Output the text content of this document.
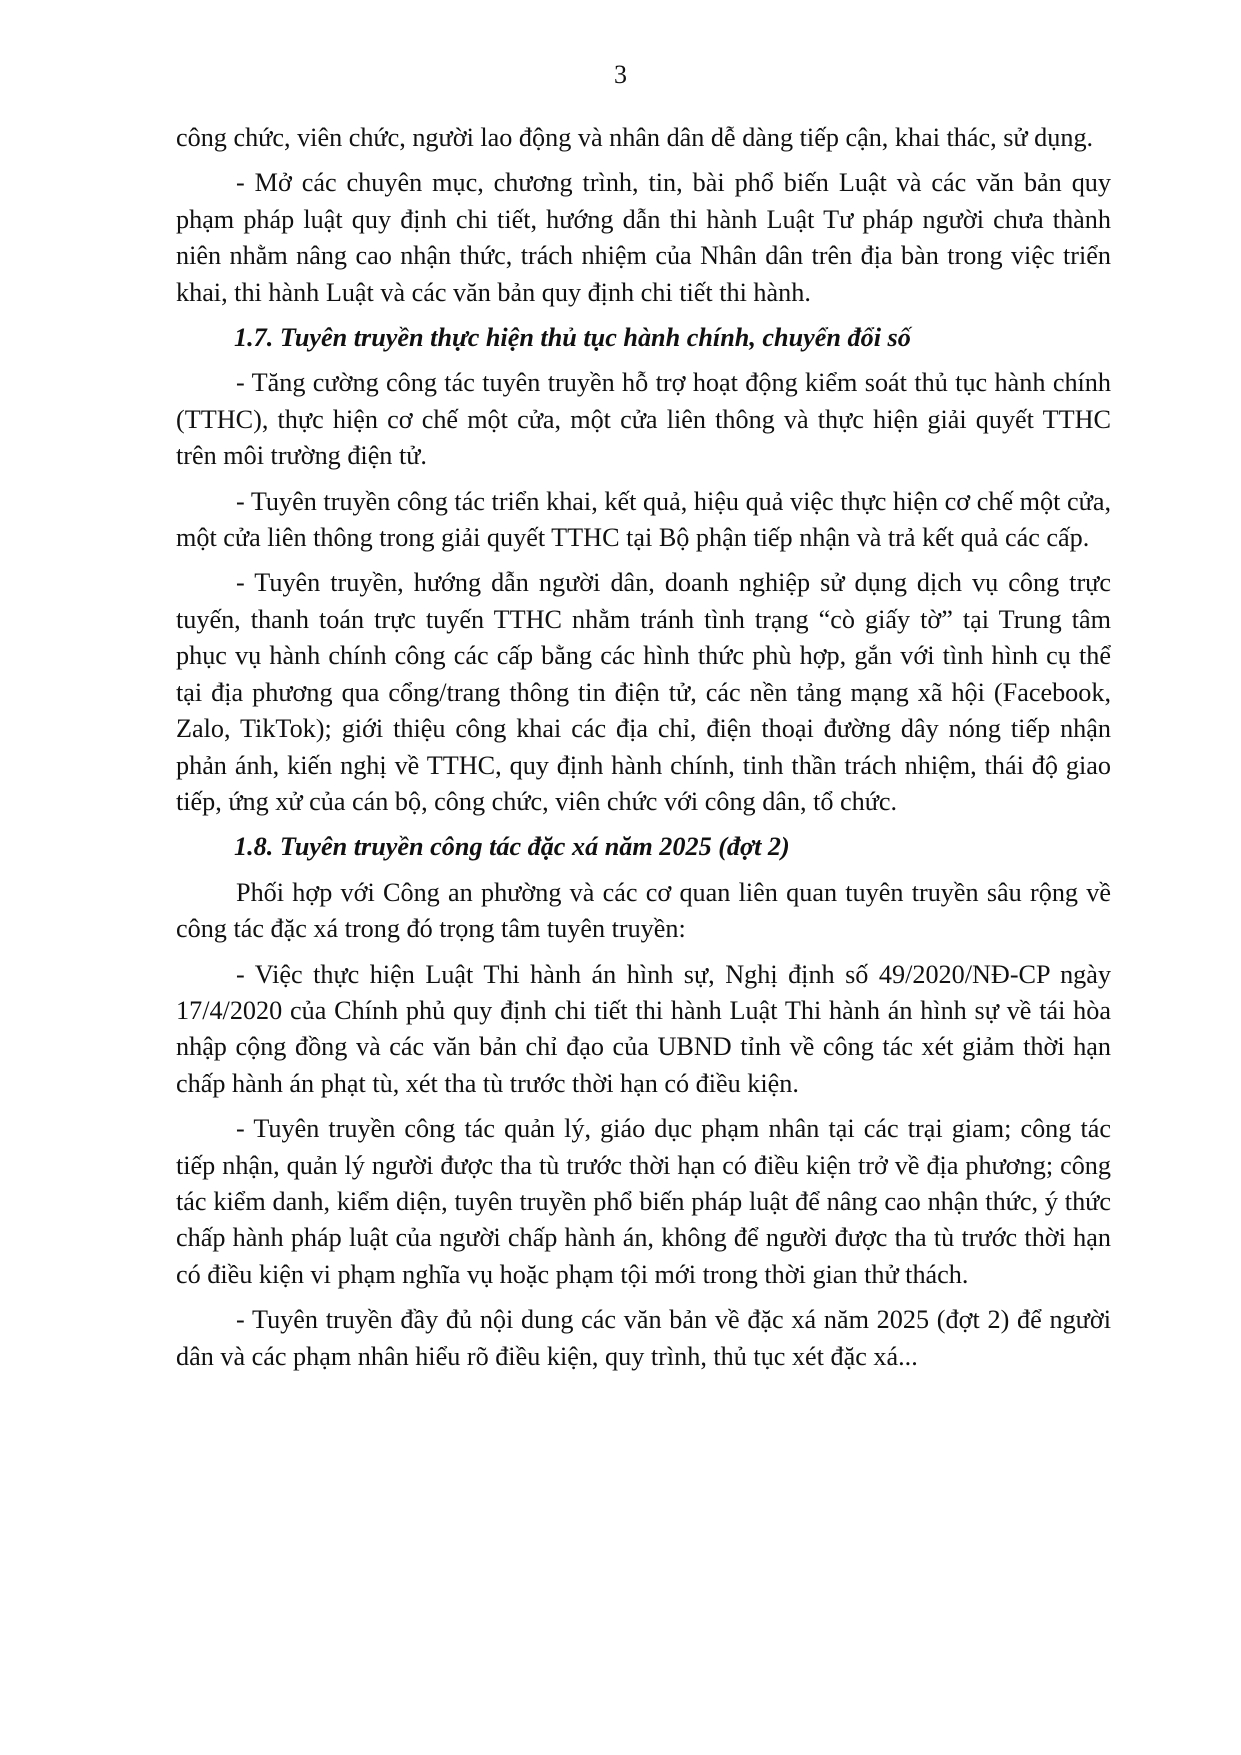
3

công chức, viên chức, người lao động và nhân dân dễ dàng tiếp cận, khai thác, sử dụng.

- Mở các chuyên mục, chương trình, tin, bài phổ biến Luật và các văn bản quy phạm pháp luật quy định chi tiết, hướng dẫn thi hành Luật Tư pháp người chưa thành niên nhằm nâng cao nhận thức, trách nhiệm của Nhân dân trên địa bàn trong việc triển khai, thi hành Luật và các văn bản quy định chi tiết thi hành.

1.7. Tuyên truyền thực hiện thủ tục hành chính, chuyển đổi số

- Tăng cường công tác tuyên truyền hỗ trợ hoạt động kiểm soát thủ tục hành chính (TTHC), thực hiện cơ chế một cửa, một cửa liên thông và thực hiện giải quyết TTHC trên môi trường điện tử.

- Tuyên truyền công tác triển khai, kết quả, hiệu quả việc thực hiện cơ chế một cửa, một cửa liên thông trong giải quyết TTHC tại Bộ phận tiếp nhận và trả kết quả các cấp.

- Tuyên truyền, hướng dẫn người dân, doanh nghiệp sử dụng dịch vụ công trực tuyến, thanh toán trực tuyến TTHC nhằm tránh tình trạng “cò giấy tờ” tại Trung tâm phục vụ hành chính công các cấp bằng các hình thức phù hợp, gắn với tình hình cụ thể tại địa phương qua cổng/trang thông tin điện tử, các nền tảng mạng xã hội (Facebook, Zalo, TikTok); giới thiệu công khai các địa chỉ, điện thoại đường dây nóng tiếp nhận phản ánh, kiến nghị về TTHC, quy định hành chính, tinh thần trách nhiệm, thái độ giao tiếp, ứng xử của cán bộ, công chức, viên chức với công dân, tổ chức.

1.8. Tuyên truyền công tác đặc xá năm 2025 (đợt 2)

Phối hợp với Công an phường và các cơ quan liên quan tuyên truyền sâu rộng về công tác đặc xá trong đó trọng tâm tuyên truyền:

- Việc thực hiện Luật Thi hành án hình sự, Nghị định số 49/2020/NĐ-CP ngày 17/4/2020 của Chính phủ quy định chi tiết thi hành Luật Thi hành án hình sự về tái hòa nhập cộng đồng và các văn bản chỉ đạo của UBND tỉnh về công tác xét giảm thời hạn chấp hành án phạt tù, xét tha tù trước thời hạn có điều kiện.

- Tuyên truyền công tác quản lý, giáo dục phạm nhân tại các trại giam; công tác tiếp nhận, quản lý người được tha tù trước thời hạn có điều kiện trở về địa phương; công tác kiểm danh, kiểm diện, tuyên truyền phổ biến pháp luật để nâng cao nhận thức, ý thức chấp hành pháp luật của người chấp hành án, không để người được tha tù trước thời hạn có điều kiện vi phạm nghĩa vụ hoặc phạm tội mới trong thời gian thử thách.

- Tuyên truyền đầy đủ nội dung các văn bản về đặc xá năm 2025 (đợt 2) để người dân và các phạm nhân hiểu rõ điều kiện, quy trình, thủ tục xét đặc xá...
